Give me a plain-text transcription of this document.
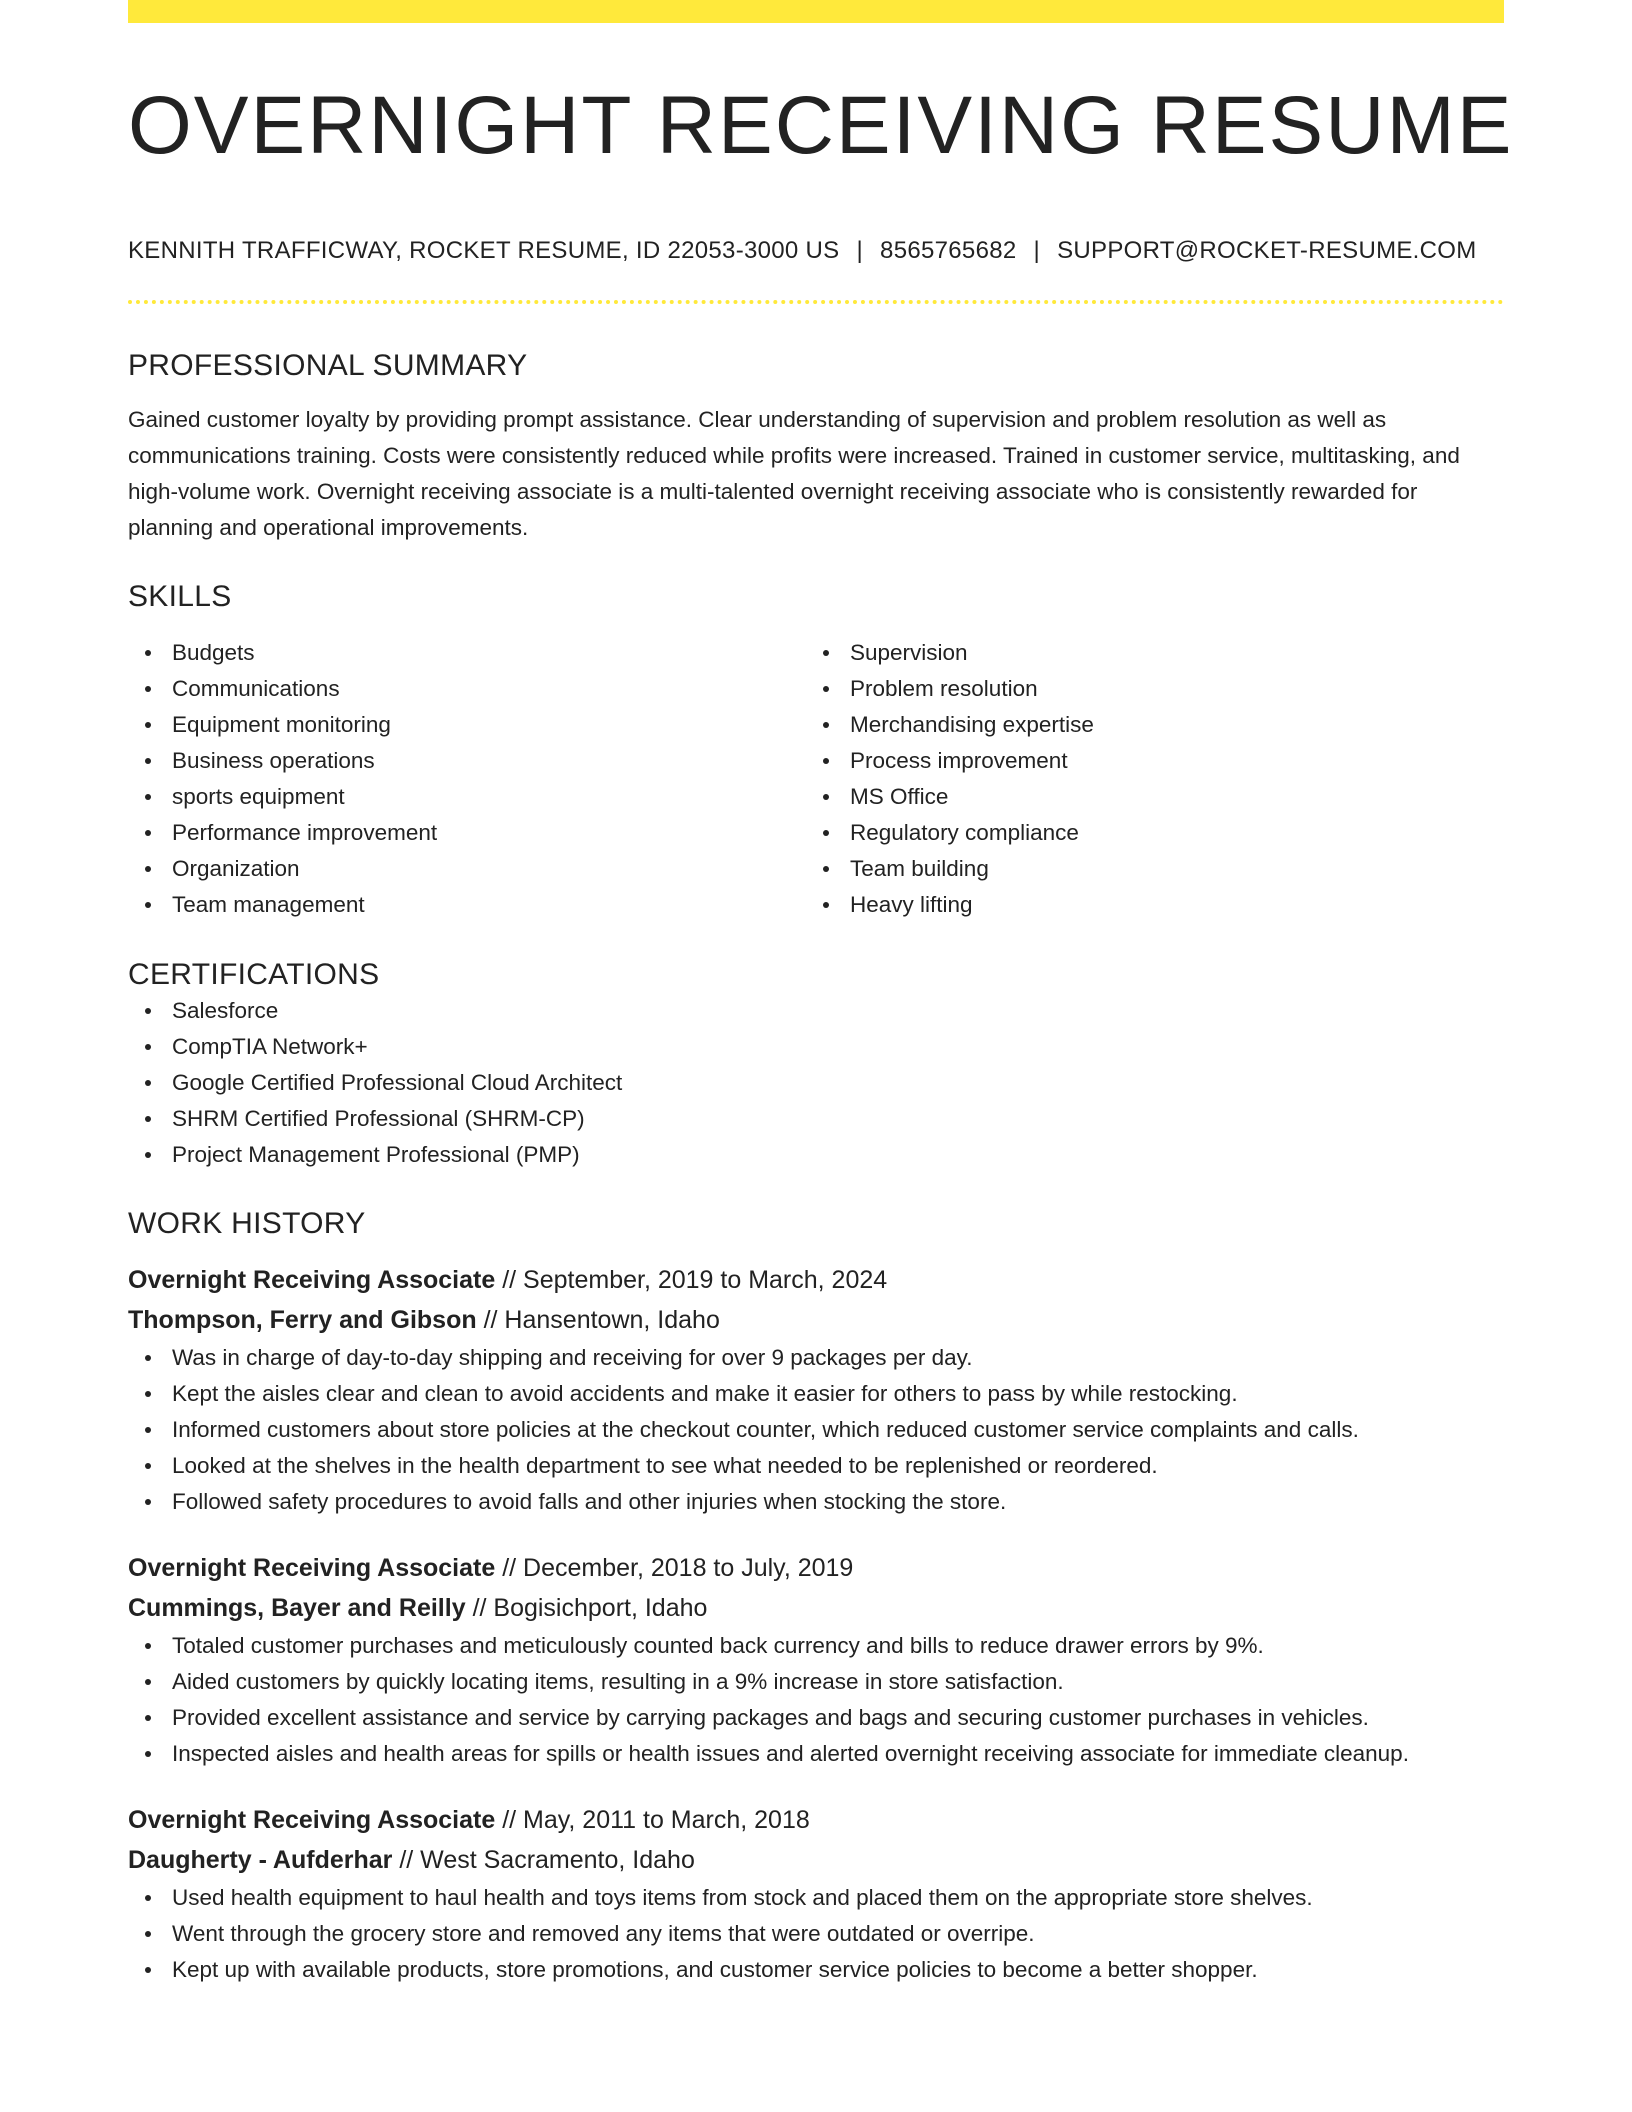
OVERNIGHT RECEIVING RESUME
KENNITH TRAFFICWAY, ROCKET RESUME, ID 22053-3000 US | 8565765682 | SUPPORT@ROCKET-RESUME.COM
PROFESSIONAL SUMMARY

Gained customer loyalty by providing prompt assistance. Clear understanding of supervision and problem resolution as well as communications training. Costs were consistently reduced while profits were increased. Trained in customer service, multitasking, and high-volume work. Overnight receiving associate is a multi-talented overnight receiving associate who is consistently rewarded for planning and operational improvements.

SKILLS
Budgets
Communications
Equipment monitoring
Business operations
sports equipment
Performance improvement
Organization
Team management
Supervision
Problem resolution
Merchandising expertise
Process improvement
MS Office
Regulatory compliance
Team building
Heavy lifting
CERTIFICATIONS
Salesforce
CompTIA Network+
Google Certified Professional Cloud Architect
SHRM Certified Professional (SHRM-CP)
Project Management Professional (PMP)
WORK HISTORY
Overnight Receiving Associate // September, 2019 to March, 2024
Thompson, Ferry and Gibson // Hansentown, Idaho
Was in charge of day-to-day shipping and receiving for over 9 packages per day.
Kept the aisles clear and clean to avoid accidents and make it easier for others to pass by while restocking.
Informed customers about store policies at the checkout counter, which reduced customer service complaints and calls.
Looked at the shelves in the health department to see what needed to be replenished or reordered.
Followed safety procedures to avoid falls and other injuries when stocking the store.
Overnight Receiving Associate // December, 2018 to July, 2019
Cummings, Bayer and Reilly // Bogisichport, Idaho
Totaled customer purchases and meticulously counted back currency and bills to reduce drawer errors by 9%.
Aided customers by quickly locating items, resulting in a 9% increase in store satisfaction.
Provided excellent assistance and service by carrying packages and bags and securing customer purchases in vehicles.
Inspected aisles and health areas for spills or health issues and alerted overnight receiving associate for immediate cleanup.
Overnight Receiving Associate // May, 2011 to March, 2018
Daugherty - Aufderhar // West Sacramento, Idaho
Used health equipment to haul health and toys items from stock and placed them on the appropriate store shelves.
Went through the grocery store and removed any items that were outdated or overripe.
Kept up with available products, store promotions, and customer service policies to become a better shopper.
